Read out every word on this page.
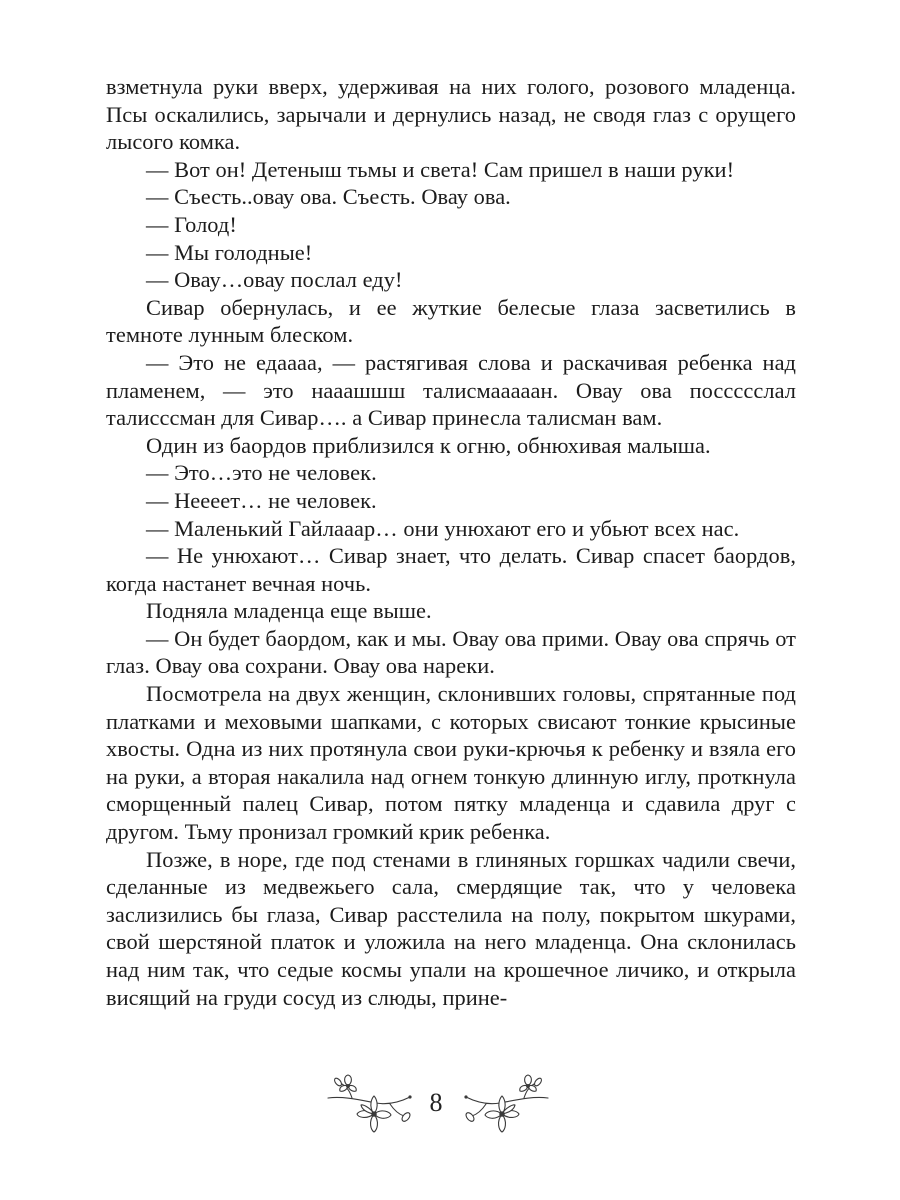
взметнула руки вверх, удерживая на них голого, розового младенца. Псы оскалились, зарычали и дернулись назад, не сводя глаз с орущего лысого комка.

— Вот он! Детеныш тьмы и света! Сам пришел в наши руки!

— Съесть..овау ова. Съесть. Овау ова.

— Голод!

— Мы голодные!

— Овау…овау послал еду!

Сивар обернулась, и ее жуткие белесые глаза засветились в темноте лунным блеском.

— Это не едаааа, — растягивая слова и раскачивая ребенка над пламенем, — это нааашшш талисмааааан. Овау ова поссссслал талисссман для Сивар…. а Сивар принесла талисман вам.

Один из баордов приблизился к огню, обнюхивая малыша.

— Это…это не человек.

— Неееет… не человек.

— Маленький Гайлааар… они унюхают его и убьют всех нас.

— Не унюхают… Сивар знает, что делать. Сивар спасет баордов, когда настанет вечная ночь.

Подняла младенца еще выше.

— Он будет баордом, как и мы. Овау ова прими. Овау ова спрячь от глаз. Овау ова сохрани. Овау ова нареки.

Посмотрела на двух женщин, склонивших головы, спрятанные под платками и меховыми шапками, с которых свисают тонкие крысиные хвосты. Одна из них протянула свои руки-крючья к ребенку и взяла его на руки, а вторая накалила над огнем тонкую длинную иглу, проткнула сморщенный палец Сивар, потом пятку младенца и сдавила друг с другом. Тьму пронизал громкий крик ребенка.

Позже, в норе, где под стенами в глиняных горшках чадили свечи, сделанные из медвежьего сала, смердящие так, что у человека заслизились бы глаза, Сивар расстелила на полу, покрытом шкурами, свой шерстяной платок и уложила на него младенца. Она склонилась над ним так, что седые космы упали на крошечное личико, и открыла висящий на груди сосуд из слюды, прине-

8
